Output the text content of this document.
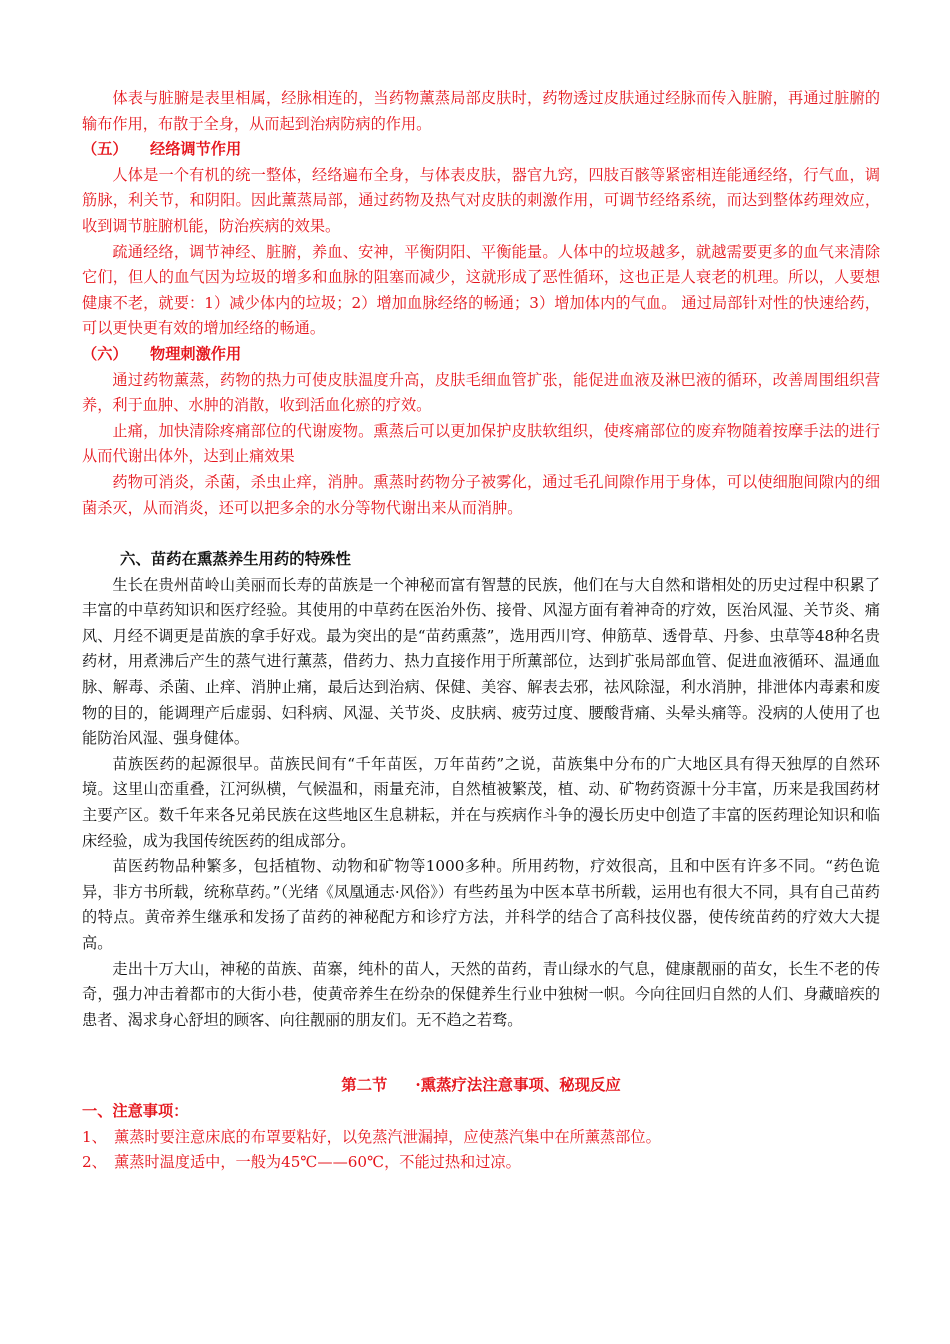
体表与脏腑是表里相属，经脉相连的，当药物薰蒸局部皮肤时，药物透过皮肤通过经脉而传入脏腑，再通过脏腑的输布作用，布散于全身，从而起到治病防病的作用。

（五） 经络调节作用

人体是一个有机的统一整体，经络遍布全身，与体表皮肤，器官九窍，四肢百骸等紧密相连能通经络，行气血，调筋脉，利关节，和阴阳。因此薰蒸局部，通过药物及热气对皮肤的刺激作用，可调节经络系统，而达到整体药理效应，收到调节脏腑机能，防治疾病的效果。

疏通经络，调节神经、脏腑，养血、安神，平衡阴阳、平衡能量。人体中的垃圾越多，就越需要更多的血气来清除它们，但人的血气因为垃圾的增多和血脉的阻塞而减少，这就形成了恶性循环，这也正是人衰老的机理。所以，人要想健康不老，就要：1）减少体内的垃圾；2）增加血脉经络的畅通；3）增加体内的气血。 通过局部针对性的快速给药，可以更快更有效的增加经络的畅通。

（六） 物理刺激作用

通过药物薰蒸，药物的热力可使皮肤温度升高，皮肤毛细血管扩张，能促进血液及淋巴液的循环，改善周围组织营养，利于血肿、水肿的消散，收到活血化瘀的疗效。

止痛，加快清除疼痛部位的代谢废物。熏蒸后可以更加保护皮肤软组织，使疼痛部位的废弃物随着按摩手法的进行从而代谢出体外，达到止痛效果

药物可消炎，杀菌，杀虫止痒，消肿。熏蒸时药物分子被雾化，通过毛孔间隙作用于身体，可以使细胞间隙内的细菌杀灭，从而消炎，还可以把多余的水分等物代谢出来从而消肿。

六、苗药在熏蒸养生用药的特殊性

生长在贵州苗岭山美丽而长寿的苗族是一个神秘而富有智慧的民族，他们在与大自然和谐相处的历史过程中积累了丰富的中草药知识和医疗经验。其使用的中草药在医治外伤、接骨、风湿方面有着神奇的疗效，医治风湿、关节炎、痛风、月经不调更是苗族的拿手好戏。最为突出的是“苗药熏蒸”，选用西川穹、伸筋草、透骨草、丹参、虫草等48种名贵药材，用煮沸后产生的蒸气进行薰蒸，借药力、热力直接作用于所薰部位，达到扩张局部血管、促进血液循环、温通血脉、解毒、杀菌、止痒、消肿止痛，最后达到治病、保健、美容、解表去邪，祛风除湿，利水消肿，排泄体内毒素和废物的目的，能调理产后虚弱、妇科病、风湿、关节炎、皮肤病、疲劳过度、腰酸背痛、头晕头痛等。没病的人使用了也能防治风湿、强身健体。

苗族医药的起源很早。苗族民间有“千年苗医，万年苗药”之说，苗族集中分布的广大地区具有得天独厚的自然环境。这里山峦重叠，江河纵横，气候温和，雨量充沛，自然植被繁茂，植、动、矿物药资源十分丰富，历来是我国药材主要产区。数千年来各兄弟民族在这些地区生息耕耘，并在与疾病作斗争的漫长历史中创造了丰富的医药理论知识和临床经验，成为我国传统医药的组成部分。

苗医药物品种繁多，包括植物、动物和矿物等1000多种。所用药物，疗效很高，且和中医有许多不同。“药色诡异，非方书所载，统称草药。”（光绪《凤凰通志·风俗》）有些药虽为中医本草书所载，运用也有很大不同，具有自己苗药的特点。黄帝养生继承和发扬了苗药的神秘配方和诊疗方法，并科学的结合了高科技仪器，使传统苗药的疗效大大提高。

走出十万大山，神秘的苗族、苗寨，纯朴的苗人，天然的苗药，青山绿水的气息，健康靓丽的苗女，长生不老的传奇，强力冲击着都市的大街小巷，使黄帝养生在纷杂的保健养生行业中独树一帜。今向往回归自然的人们、身藏暗疾的患者、渴求身心舒坦的顾客、向往靓丽的朋友们。无不趋之若骛。

第二节 ·熏蒸疗法注意事项、秘现反应
一、注意事项：
1、 薰蒸时要注意床底的布罩要粘好，以免蒸汽泄漏掉，应使蒸汽集中在所薰蒸部位。
2、 薰蒸时温度适中，一般为45℃——60℃，不能过热和过凉。
